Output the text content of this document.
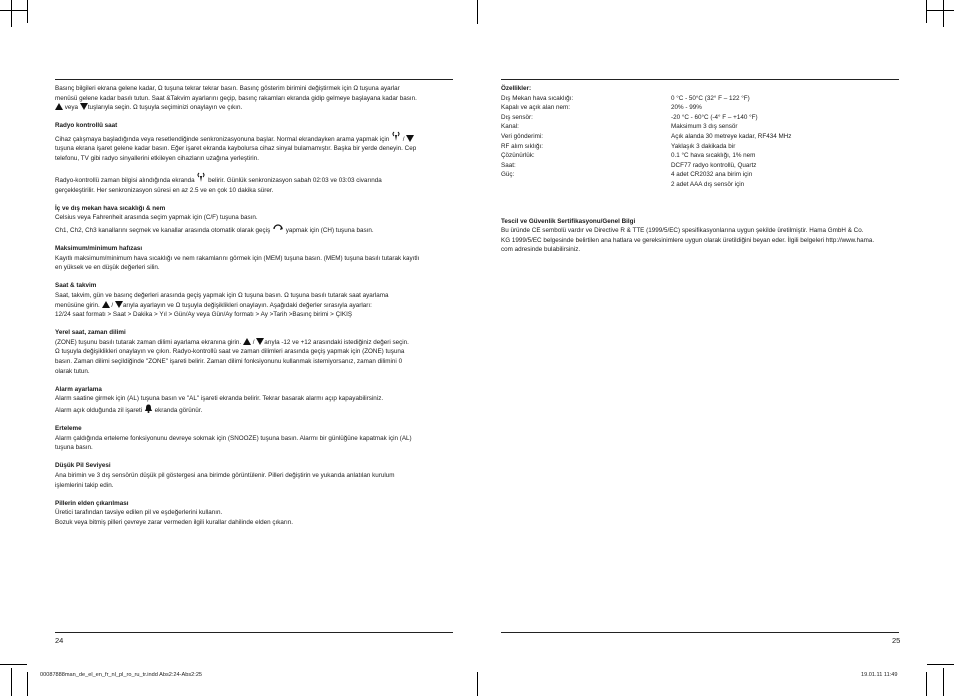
Basınç bilgileri ekrana gelene kadar, Ω tuşuna tekrar tekrar basın. Basınç gösterim birimini değiştirmek için Ω tuşuna ayarlar

menüsü gelene kadar basılı tutun. Saat &Takvim ayarlarını geçip, basınç rakamları ekranda gidip gelmeye başlayana kadar basın.

veya tuşlarıyla seçin. Ω tuşuyla seçiminizi onaylayın ve çıkın.

Radyo kontrollü saat

Cihaz çalışmaya başladığında veya resetlendiğinde senkronizasyonuna başlar. Normal ekrandayken arama yapmak için /

tuşuna ekrana işaret gelene kadar basın. Eğer işaret ekranda kaybolursa cihaz sinyal bulamamıştır. Başka bir yerde deneyin. Cep

telefonu, TV gibi radyo sinyallerini etkileyen cihazların uzağına yerleştirin.

Radyo-kontrollü zaman bilgisi alındığında ekranda belirir. Günlük senkronizasyon sabah 02:03 ve 03:03 civarında

gerçekleştirilir. Her senkronizasyon süresi en az 2.5 ve en çok 10 dakika sürer.

İç ve dış mekan hava sıcaklığı & nem

Celsius veya Fahrenheit arasında seçim yapmak için (C/F) tuşuna basın.

Ch1, Ch2, Ch3 kanallarını seçmek ve kanallar arasında otomatik olarak geçiş yapmak için (CH) tuşuna basın.

Maksimum/minimum hafızası

Kayıtlı maksimum/minimum hava sıcaklığı ve nem rakamlarını görmek için (MEM) tuşuna basın. (MEM) tuşuna basılı tutarak kayıtlı

en yüksek ve en düşük değerleri silin.

Saat & takvim

Saat, takvim, gün ve basınç değerleri arasında geçiş yapmak için Ω tuşuna basın. Ω tuşuna basılı tutarak saat ayarlama

menüsüne girin. / arıyla ayarlayın ve Ω tuşuyla değişiklikleri onaylayın. Aşağıdaki değerler sırasıyla ayarları:

12/24 saat formatı > Saat > Dakika > Yıl > Gün/Ay veya Gün/Ay formatı > Ay >Tarih >Basınç birimi > ÇIKIŞ

Yerel saat, zaman dilimi

(ZONE) tuşunu basılı tutarak zaman dilimi ayarlama ekranına girin. / arıyla -12 ve +12 arasındaki istediğiniz değeri seçin.

Ω tuşuyla değişiklikleri onaylayın ve çıkın. Radyo-kontrollü saat ve zaman dilimleri arasında geçiş yapmak için (ZONE) tuşuna

basın. Zaman dilimi seçildiğinde "ZONE" işareti belirir. Zaman dilimi fonksiyonunu kullanmak istemiyorsanız, zaman dilimini 0

olarak tutun.

Alarm ayarlama

Alarm saatine girmek için (AL) tuşuna basın ve "AL" işareti ekranda belirir. Tekrar basarak alarmı açıp kapayabilirsiniz.

Alarm açık olduğunda zil işareti ekranda görünür.

Erteleme

Alarm çaldığında erteleme fonksiyonunu devreye sokmak için (SNOOZE) tuşuna basın. Alarmı bir günlüğüne kapatmak için (AL)

tuşuna basın.

Düşük Pil Seviyesi

Ana birimin ve 3 dış sensörün düşük pil göstergesi ana birimde görüntülenir. Pilleri değiştirin ve yukarıda anlatılan kurulum

işlemlerini takip edin.

Pillerin elden çıkarılması

Üretici tarafından tavsiye edilen pil ve eşdeğerlerini kullanın.

Bozuk veya bitmiş pilleri çevreye zarar vermeden ilgili kurallar dahilinde elden çıkarın.

24
Özellikler:
Dış Mekan hava sıcaklığı:	0 °C - 50°C (32° F – 122 °F)
Kapalı ve açık alan nem:	20% - 99%
Dış sensör:	-20 °C - 60°C (-4° F – +140 °F)
Kanal:	Maksimum 3 dış sensör
Veri gönderimi:	Açık alanda 30 metreye kadar, RF434 MHz
RF alım sıklığı:	Yaklaşık 3 dakikada bir
Çözünürlük:	0.1 °C hava sıcaklığı, 1% nem
Saat:	DCF77 radyo kontrollü, Quartz
Güç:	4 adet CR2032 ana birim için
2 adet AAA dış sensör için
Tescil ve Güvenlik Sertifikasyonu/Genel Bilgi

Bu üründe CE sembolü vardır ve Directive R & TTE (1999/5/EC) spesifikasyonlarına uygun şekilde üretilmiştir. Hama GmbH & Co.

KG 1999/5/EC belgesinde belirtilen ana hatlara ve gereksinimlere uygun olarak üretildiğini beyan eder. İlgili belgeleri http://www.hama.

com adresinde bulabilirsiniz.

25
00087888man_de_el_en_fr_nl_pl_ro_ru_tr.indd Abs2:24-Abs2:25	19.01.11 11:49
